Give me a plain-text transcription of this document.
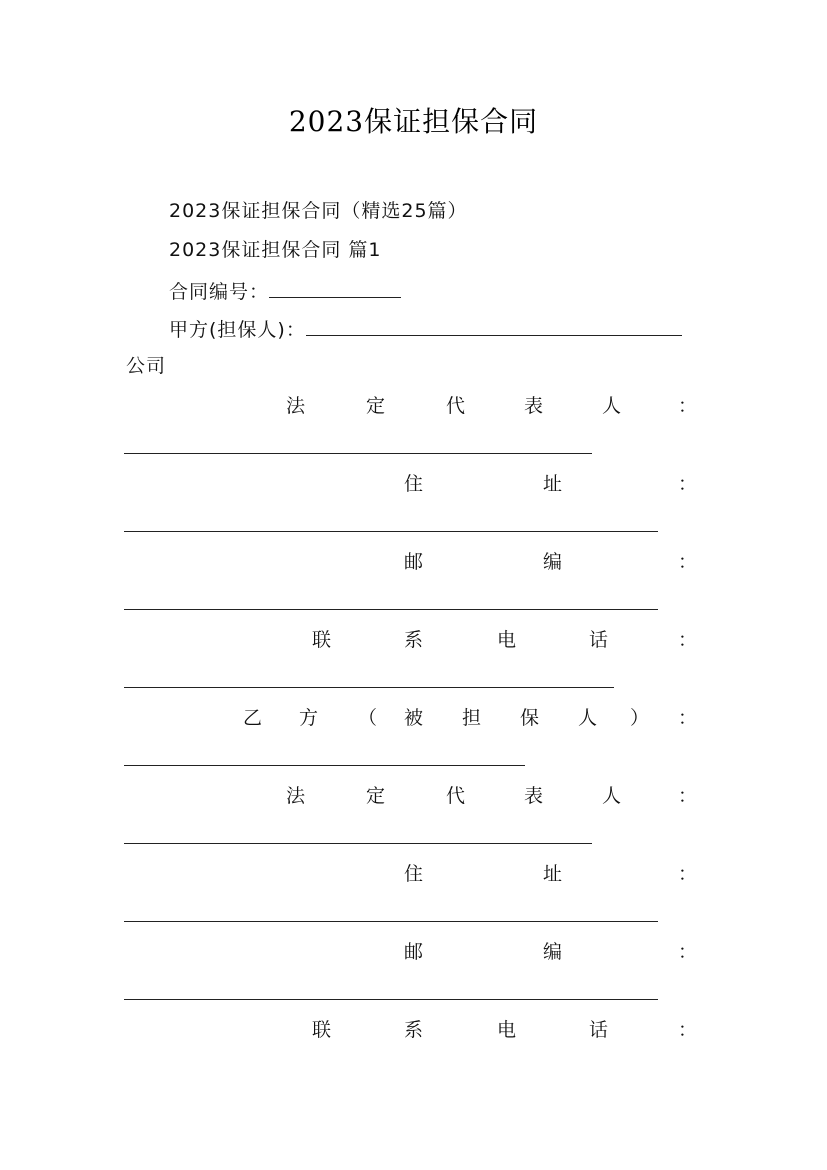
2023保证担保合同
2023保证担保合同（精选25篇）
2023保证担保合同 篇1
合同编号：
甲方(担保人)：
公司
法	定	代	表	人	：
住	址	：
邮	编	：
联	系	电	话	：
乙 方 （ 被 担 保 人 ） ：
法	定	代	表	人	：
住	址	：
邮	编	：
联	系	电	话	：
